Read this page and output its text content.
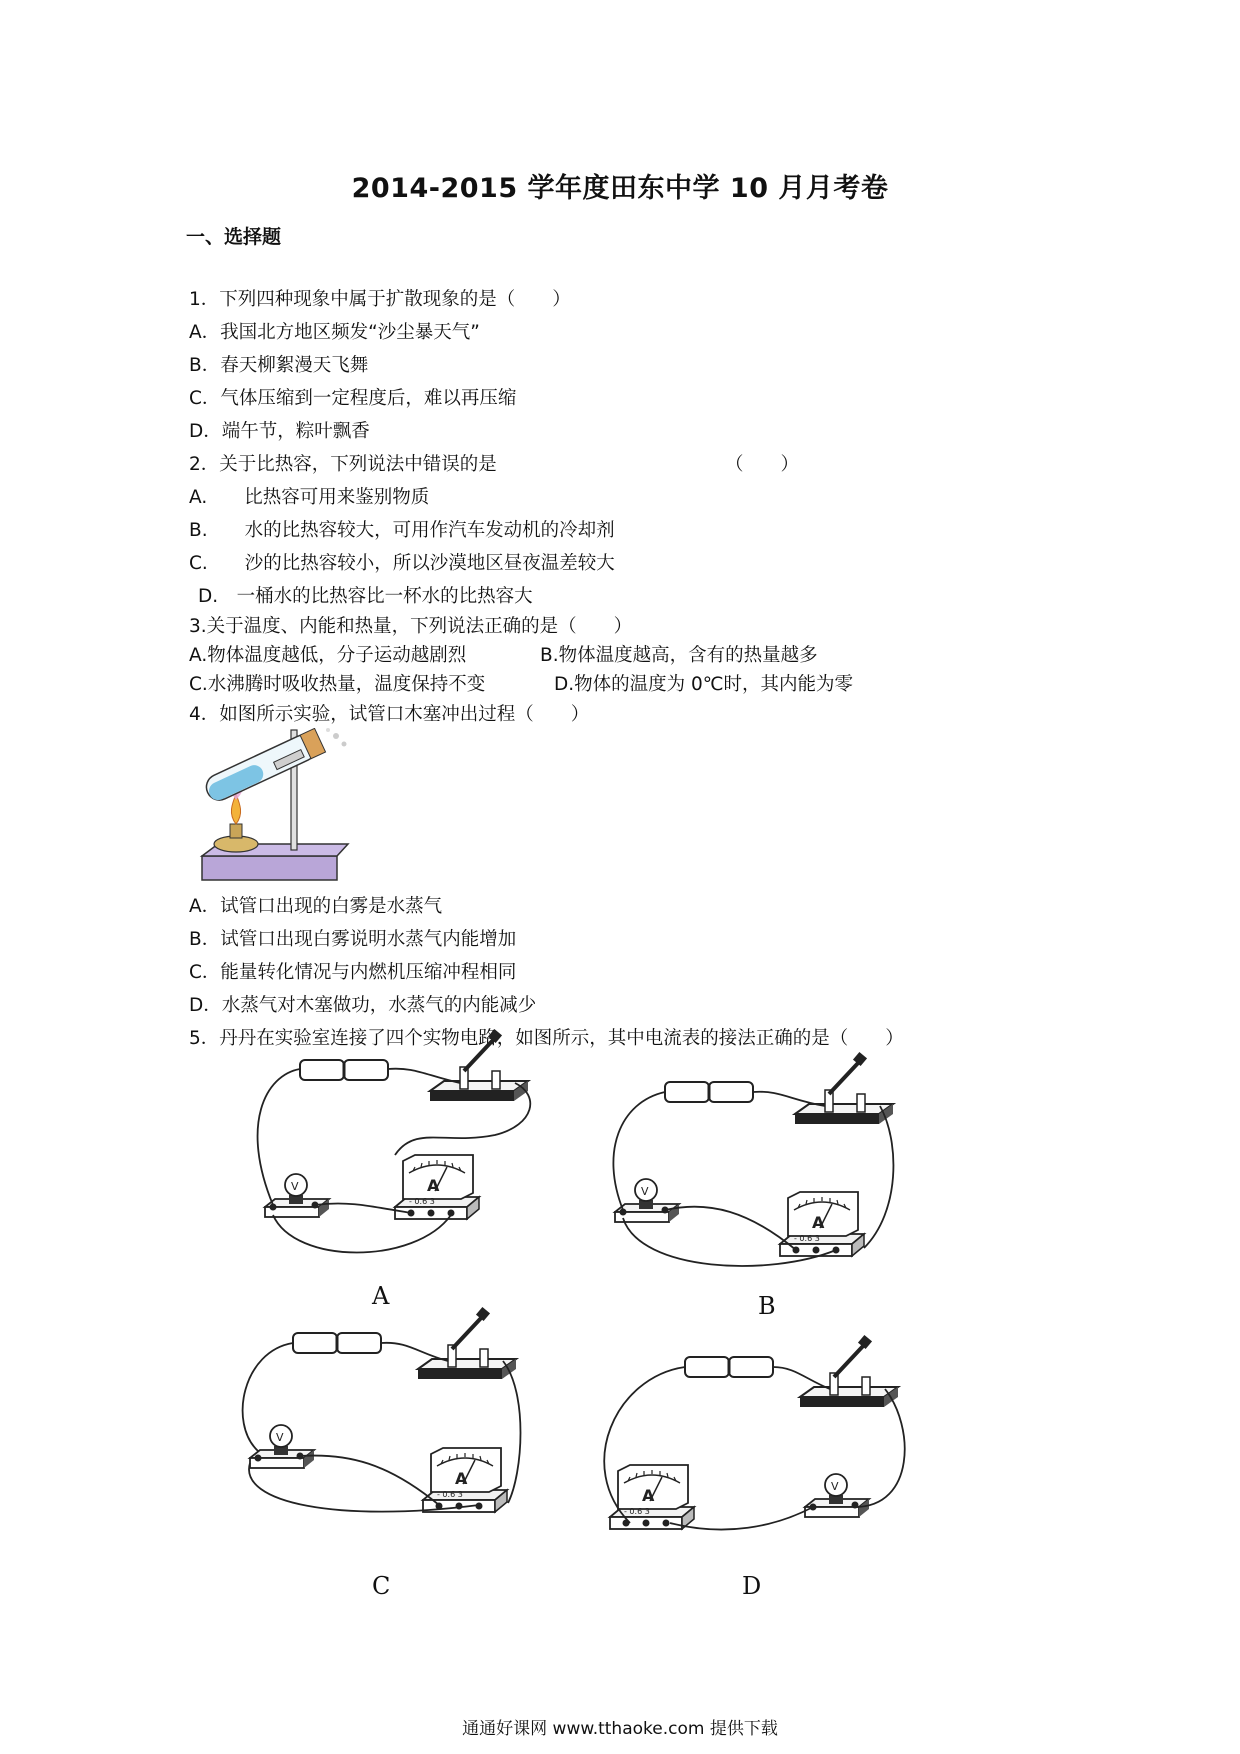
2014-2015 学年度田东中学 10 月月考卷
一、选择题
1．下列四种现象中属于扩散现象的是（　　）
A．我国北方地区频发“沙尘暴天气”
B．春天柳絮漫天飞舞
C．气体压缩到一定程度后，难以再压缩
D．端午节，粽叶飘香
2．关于比热容，下列说法中错误的是	（　　）
A.　　比热容可用来鉴别物质
B.　　水的比热容较大，可用作汽车发动机的冷却剂
C.　　沙的比热容较小，所以沙漠地区昼夜温差较大
D.　一桶水的比热容比一杯水的比热容大
3.关于温度、内能和热量，下列说法正确的是（　　）
A.物体温度越低，分子运动越剧烈	B.物体温度越高，含有的热量越多
C.水沸腾时吸收热量，温度保持不变	D.物体的温度为 0℃时，其内能为零
4．如图所示实验，试管口木塞冲出过程（　　）
A．试管口出现的白雾是水蒸气
B．试管口出现白雾说明水蒸气内能增加
C．能量转化情况与内燃机压缩冲程相同
D．水蒸气对木塞做功，水蒸气的内能减少
5．丹丹在实验室连接了四个实物电路，如图所示，其中电流表的接法正确的是（　　）
A
- 0.6 3
V
A	B
C	D
通通好课网 www.tthaoke.com 提供下载
